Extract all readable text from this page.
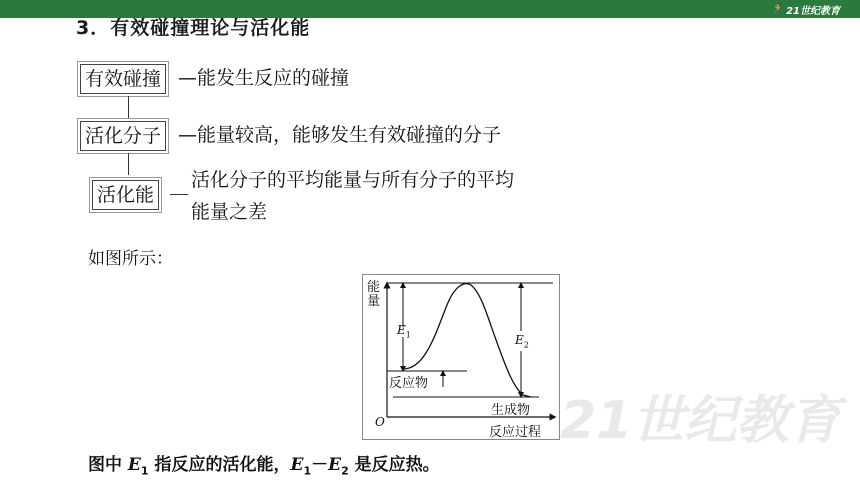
🏃 21世纪教育
3．有效碰撞理论与活化能
有效碰撞 —能发生反应的碰撞
活化分子 —能量较高，能够发生有效碰撞的分子
活化能
活化分子的平均能量与所有分子的平均
能量之差
如图所示：
能量
$E_1$	$E_2$
反应物
生成物
O
反应过程 21世纪教育
图中 $E_1$ 指反应的活化能，$E_1-E_2$ 是反应热。
